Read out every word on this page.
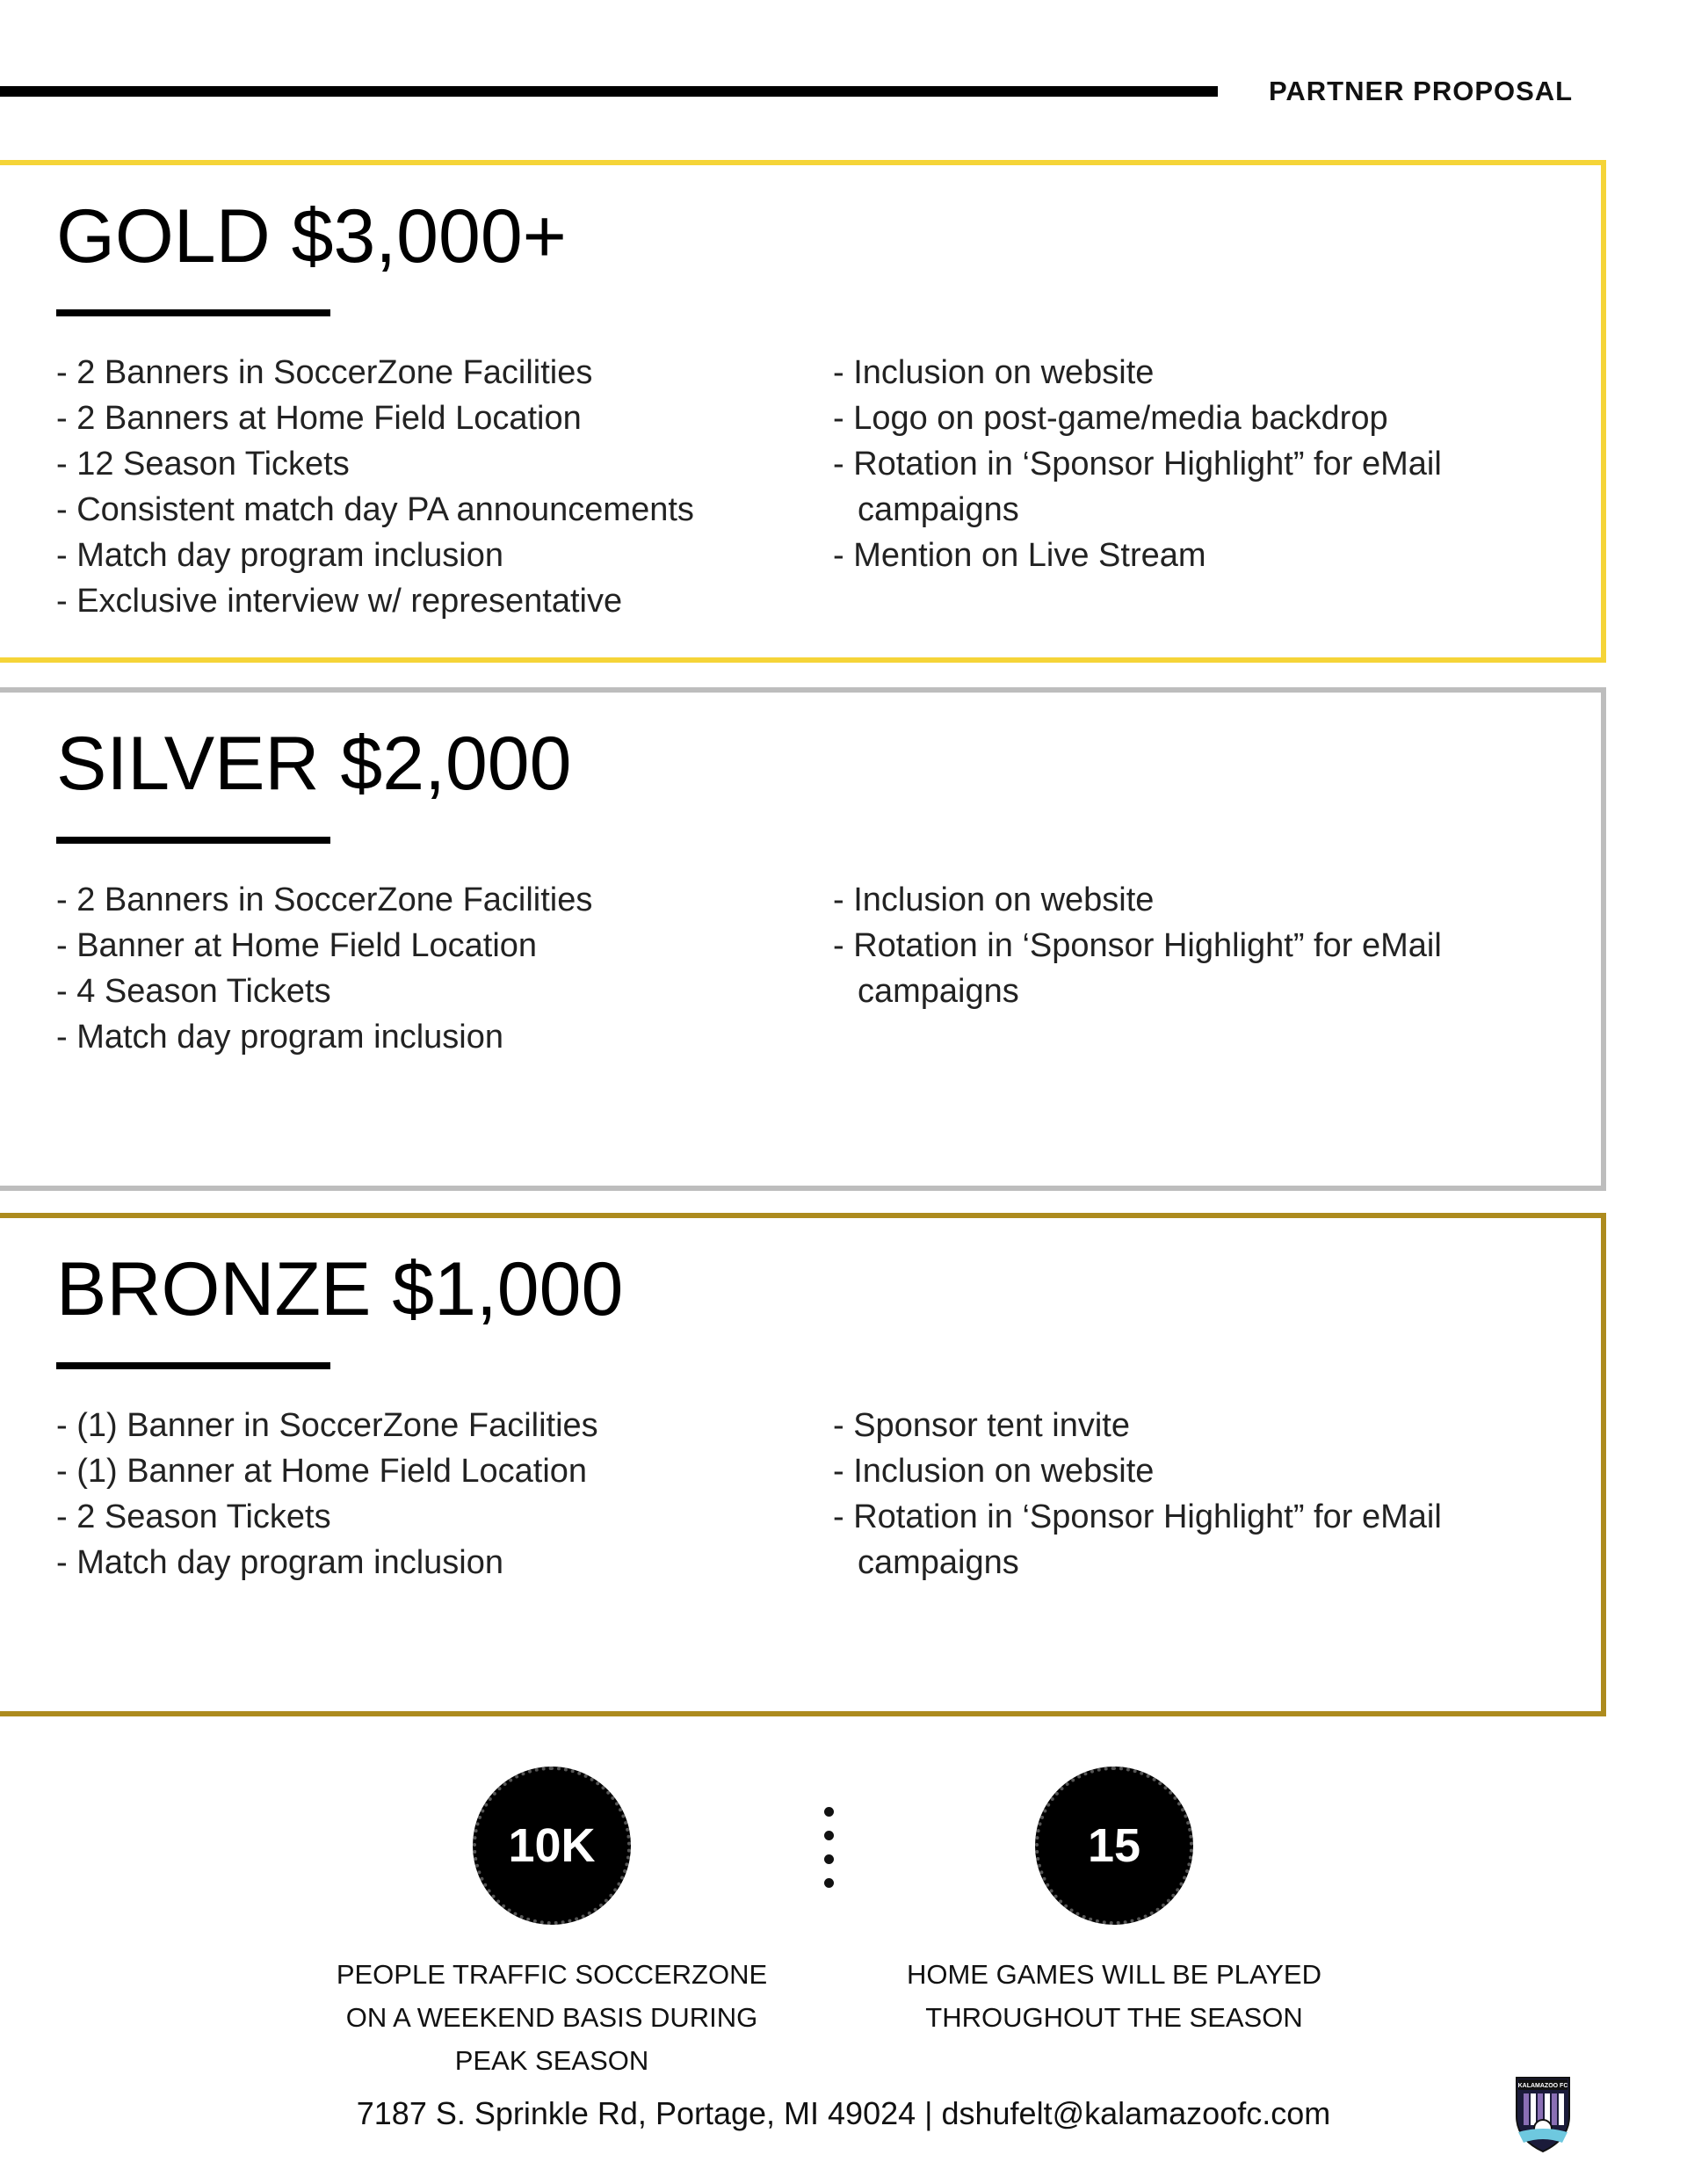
PARTNER PROPOSAL
GOLD $3,000+
- 2 Banners in SoccerZone Facilities
- 2 Banners at Home Field Location
- 12 Season Tickets
- Consistent match day PA announcements
- Match day program inclusion
- Exclusive interview w/ representative
- Inclusion on website
- Logo on post-game/media backdrop
- Rotation in ‘Sponsor Highlight” for eMail campaigns
- Mention on Live Stream
SILVER $2,000
- 2 Banners in SoccerZone Facilities
- Banner at Home Field Location
- 4 Season Tickets
- Match day program inclusion
- Inclusion on website
- Rotation in ‘Sponsor Highlight” for eMail campaigns
BRONZE $1,000
- (1) Banner in SoccerZone Facilities
- (1) Banner at Home Field Location
- 2 Season Tickets
- Match day program inclusion
- Sponsor tent invite
- Inclusion on website
- Rotation in ‘Sponsor Highlight” for eMail campaigns
10K	15

PEOPLE TRAFFIC SOCCERZONE ON A WEEKEND BASIS DURING PEAK SEASON

HOME GAMES WILL BE PLAYED THROUGHOUT THE SEASON

7187 S. Sprinkle Rd, Portage, MI 49024 | dshufelt@kalamazoofc.com
KALAMAZOO FC
